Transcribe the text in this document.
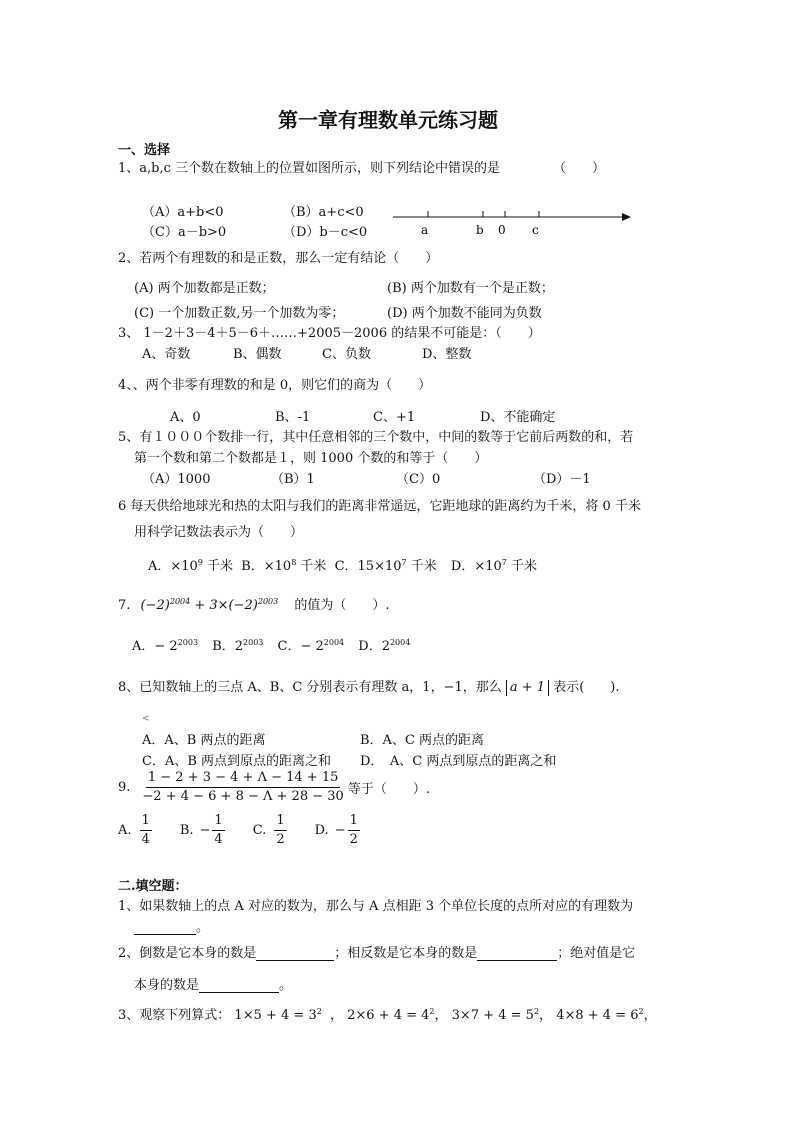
第一章有理数单元练习题
一、选择
1、a,b,c 三个数在数轴上的位置如图所示，则下列结论中错误的是	（　　）
（A）a+b<0	（B）a+c<0
（C）a－b>0	（D）b－c<0	a	b 0 c
2、若两个有理数的和是正数，那么一定有结论（　　）
(A) 两个加数都是正数；	(B) 两个加数有一个是正数；
(C) 一个加数正数,另一个加数为零；	(D) 两个加数不能同为负数
3、 1－2＋3－4＋5－6＋……+2005－2006 的结果不可能是：（　　）
A、奇数	B、偶数	C、负数	D、整数
4、、两个非零有理数的和是 0，则它们的商为（　　）
A、0	B、-1	C、+1	D、不能确定
5、有１０００个数排一行，其中任意相邻的三个数中，中间的数等于它前后两数的和，若
第一个数和第二个数都是１，则 1000 个数的和等于（　　）
（A）1000	（B）1	（C）0	（D）－1
6 每天供给地球光和热的太阳与我们的距离非常遥远，它距地球的距离约为千米，将 0 千米
用科学记数法表示为（　　）
A．$\times 10^9$ 千米 B．$\times 10^8$ 千米 C．$15\times 10^7$ 千米 D．$\times 10^7$ 千米
7. $(-2)^{2004} + 3\times(-2)^{2003}$ 的值为（　　）.
A．− $2^{2003}$ B．$2^{2003}$ C．− $2^{2004}$ D．$2^{2004}$
8、已知数轴上的三点 A、B、C 分别表示有理数 a，1，−1，那么 a + 1 表示(　　).
<
A．A、B 两点的距离	B．A、C 两点的距离
C．A、B 两点到原点的距离之和 D．　A、C 两点到原点的距离之和
9. $\frac{1 - 2 + 3 - 4 + \Lambda - 14 + 15}{-2 + 4 - 6 + 8 - \Lambda + 28 - 30}$ 等于（　　）.
A. $\frac{1}{4} B$. − $\frac{1}{4} C$. $\frac{1}{2} D$. − $\frac{1}{2}$
二.填空题：
1、如果数轴上的点 A 对应的数为，那么与 A 点相距 3 个单位长度的点所对应的有理数为
。
2、倒数是它本身的数是	；相反数是它本身的数是	；绝对值是它
本身的数是	。
3、观察下列算式： $1\times 5 + 4 = 3^2$ ， $2\times 6 + 4 = 4^2$， $3\times 7 + 4 = 5^2$， $4\times 8 + 4 = 6^2$，
